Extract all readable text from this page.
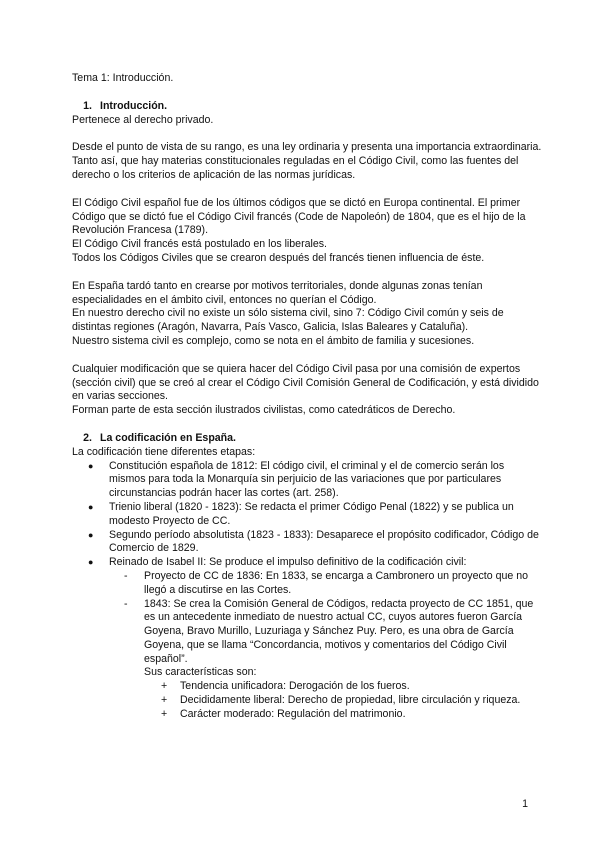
Tema 1: Introducción.

1. Introducción.

Pertenece al derecho privado.

Desde el punto de vista de su rango, es una ley ordinaria y presenta una importancia extraordinaria. Tanto así, que hay materias constitucionales reguladas en el Código Civil, como las fuentes del derecho o los criterios de aplicación de las normas jurídicas.

El Código Civil español fue de los últimos códigos que se dictó en Europa continental. El primer Código que se dictó fue el Código Civil francés (Code de Napoleón) de 1804, que es el hijo de la Revolución Francesa (1789).

El Código Civil francés está postulado en los liberales.

Todos los Códigos Civiles que se crearon después del francés tienen influencia de éste.

En España tardó tanto en crearse por motivos territoriales, donde algunas zonas tenían especialidades en el ámbito civil, entonces no querían el Código.

En nuestro derecho civil no existe un sólo sistema civil, sino 7: Código Civil común y seis de distintas regiones (Aragón, Navarra, País Vasco, Galicia, Islas Baleares y Cataluña).

Nuestro sistema civil es complejo, como se nota en el ámbito de familia y sucesiones.

Cualquier modificación que se quiera hacer del Código Civil pasa por una comisión de expertos (sección civil) que se creó al crear el Código Civil Comisión General de Codificación, y está dividido en varias secciones.

Forman parte de esta sección ilustrados civilistas, como catedráticos de Derecho.

2. La codificación en España.

La codificación tiene diferentes etapas:

● Constitución española de 1812: El código civil, el criminal y el de comercio serán los mismos para toda la Monarquía sin perjuicio de las variaciones que por particulares circunstancias podrán hacer las cortes (art. 258).
● Trienio liberal (1820 - 1823): Se redacta el primer Código Penal (1822) y se publica un modesto Proyecto de CC.
● Segundo período absolutista (1823 - 1833): Desaparece el propósito codificador, Código de Comercio de 1829.
● Reinado de Isabel II: Se produce el impulso definitivo de la codificación civil:
- Proyecto de CC de 1836: En 1833, se encarga a Cambronero un proyecto que no llegó a discutirse en las Cortes.
- 1843: Se crea la Comisión General de Códigos, redacta proyecto de CC 1851, que es un antecedente inmediato de nuestro actual CC, cuyos autores fueron García Goyena, Bravo Murillo, Luzuriaga y Sánchez Puy. Pero, es una obra de García Goyena, que se llama “Concordancia, motivos y comentarios del Código Civil español”.

Sus características son:

+ Tendencia unificadora: Derogación de los fueros.
+ Decididamente liberal: Derecho de propiedad, libre circulación y riqueza.
+ Carácter moderado: Regulación del matrimonio.
1
